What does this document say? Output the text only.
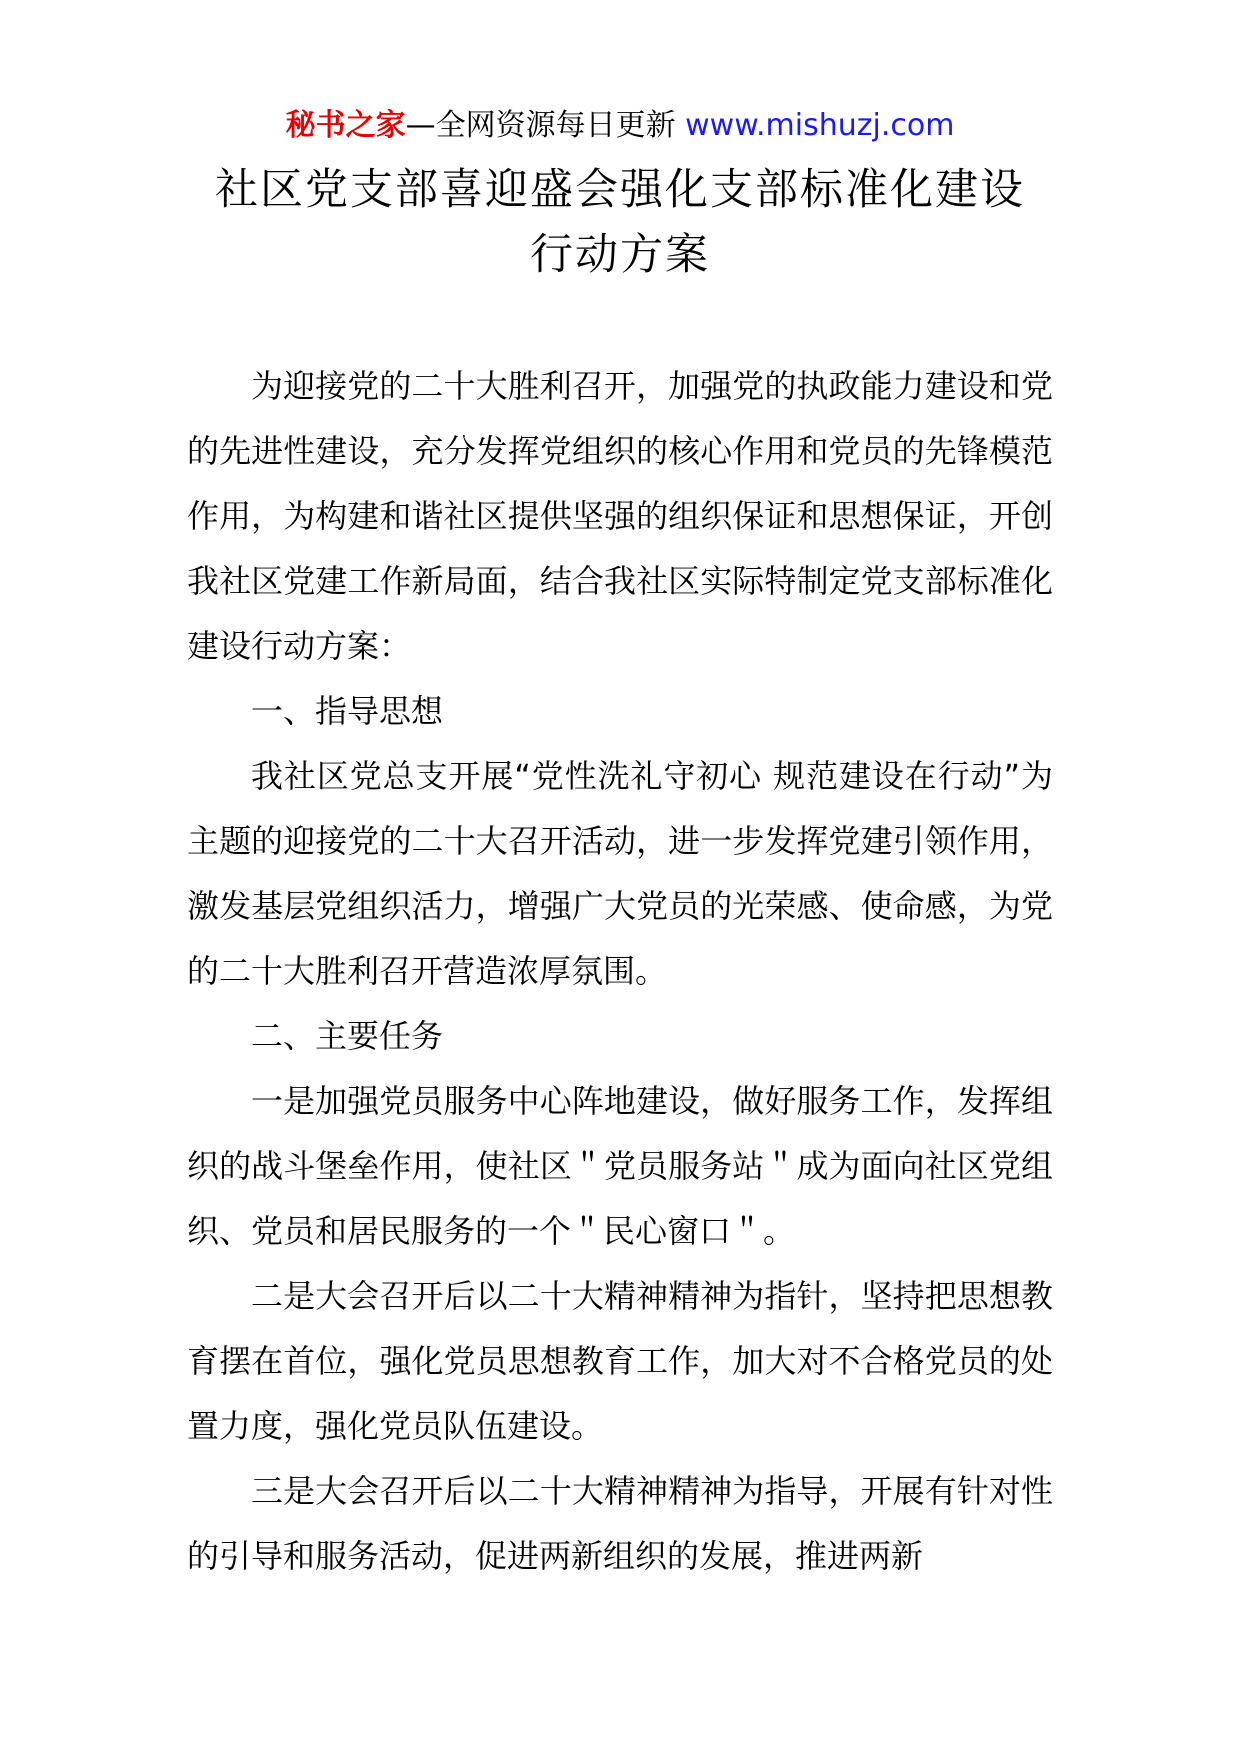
秘书之家—全网资源每日更新 www.mishuzj.com
社区党支部喜迎盛会强化支部标准化建设
行动方案

为迎接党的二十大胜利召开，加强党的执政能力建设和党的先进性建设，充分发挥党组织的核心作用和党员的先锋模范作用，为构建和谐社区提供坚强的组织保证和思想保证，开创我社区党建工作新局面，结合我社区实际特制定党支部标准化建设行动方案：

一、指导思想

我社区党总支开展“党性洗礼守初心 规范建设在行动”为主题的迎接党的二十大召开活动，进一步发挥党建引领作用，激发基层党组织活力，增强广大党员的光荣感、使命感，为党的二十大胜利召开营造浓厚氛围。

二、主要任务

一是加强党员服务中心阵地建设，做好服务工作，发挥组织的战斗堡垒作用，使社区＂党员服务站＂成为面向社区党组织、党员和居民服务的一个＂民心窗口＂。

二是大会召开后以二十大精神精神为指针，坚持把思想教育摆在首位，强化党员思想教育工作，加大对不合格党员的处置力度，强化党员队伍建设。

三是大会召开后以二十大精神精神为指导，开展有针对性的引导和服务活动，促进两新组织的发展，推进两新
